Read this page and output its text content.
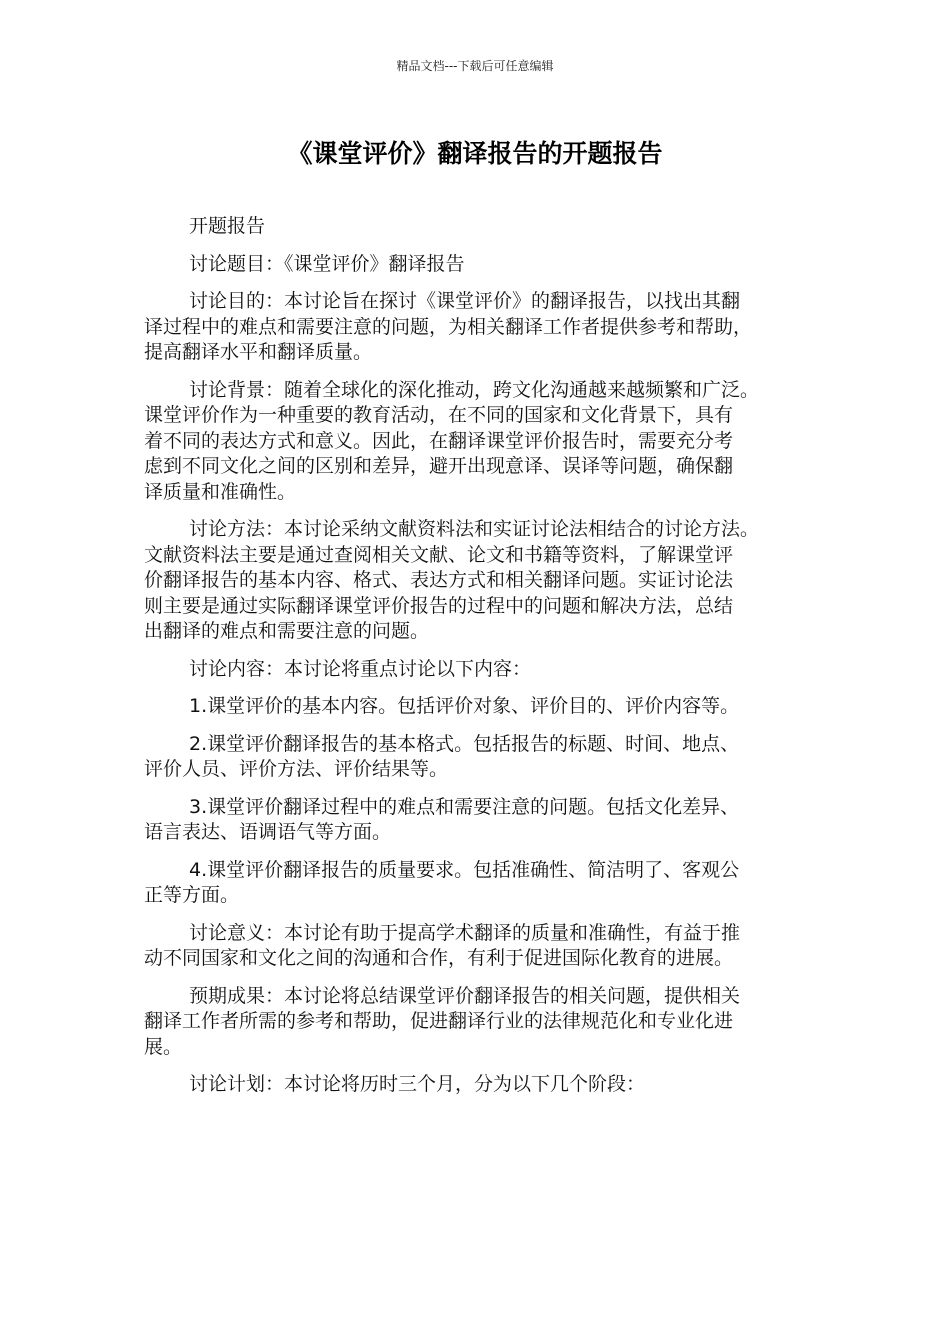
精品文档---下载后可任意编辑
《课堂评价》翻译报告的开题报告

开题报告

讨论题目：《课堂评价》翻译报告

讨论目的：本讨论旨在探讨《课堂评价》的翻译报告，以找出其翻
译过程中的难点和需要注意的问题，为相关翻译工作者提供参考和帮助，
提高翻译水平和翻译质量。

讨论背景：随着全球化的深化推动，跨文化沟通越来越频繁和广泛。
课堂评价作为一种重要的教育活动，在不同的国家和文化背景下，具有
着不同的表达方式和意义。因此，在翻译课堂评价报告时，需要充分考
虑到不同文化之间的区别和差异，避开出现意译、误译等问题，确保翻
译质量和准确性。

讨论方法：本讨论采纳文献资料法和实证讨论法相结合的讨论方法。
文献资料法主要是通过查阅相关文献、论文和书籍等资料，了解课堂评
价翻译报告的基本内容、格式、表达方式和相关翻译问题。实证讨论法
则主要是通过实际翻译课堂评价报告的过程中的问题和解决方法，总结
出翻译的难点和需要注意的问题。

讨论内容：本讨论将重点讨论以下内容：

1.课堂评价的基本内容。包括评价对象、评价目的、评价内容等。

2.课堂评价翻译报告的基本格式。包括报告的标题、时间、地点、
评价人员、评价方法、评价结果等。

3.课堂评价翻译过程中的难点和需要注意的问题。包括文化差异、
语言表达、语调语气等方面。

4.课堂评价翻译报告的质量要求。包括准确性、简洁明了、客观公
正等方面。

讨论意义：本讨论有助于提高学术翻译的质量和准确性，有益于推
动不同国家和文化之间的沟通和合作，有利于促进国际化教育的进展。

预期成果：本讨论将总结课堂评价翻译报告的相关问题，提供相关
翻译工作者所需的参考和帮助，促进翻译行业的法律规范化和专业化进
展。

讨论计划：本讨论将历时三个月，分为以下几个阶段：
